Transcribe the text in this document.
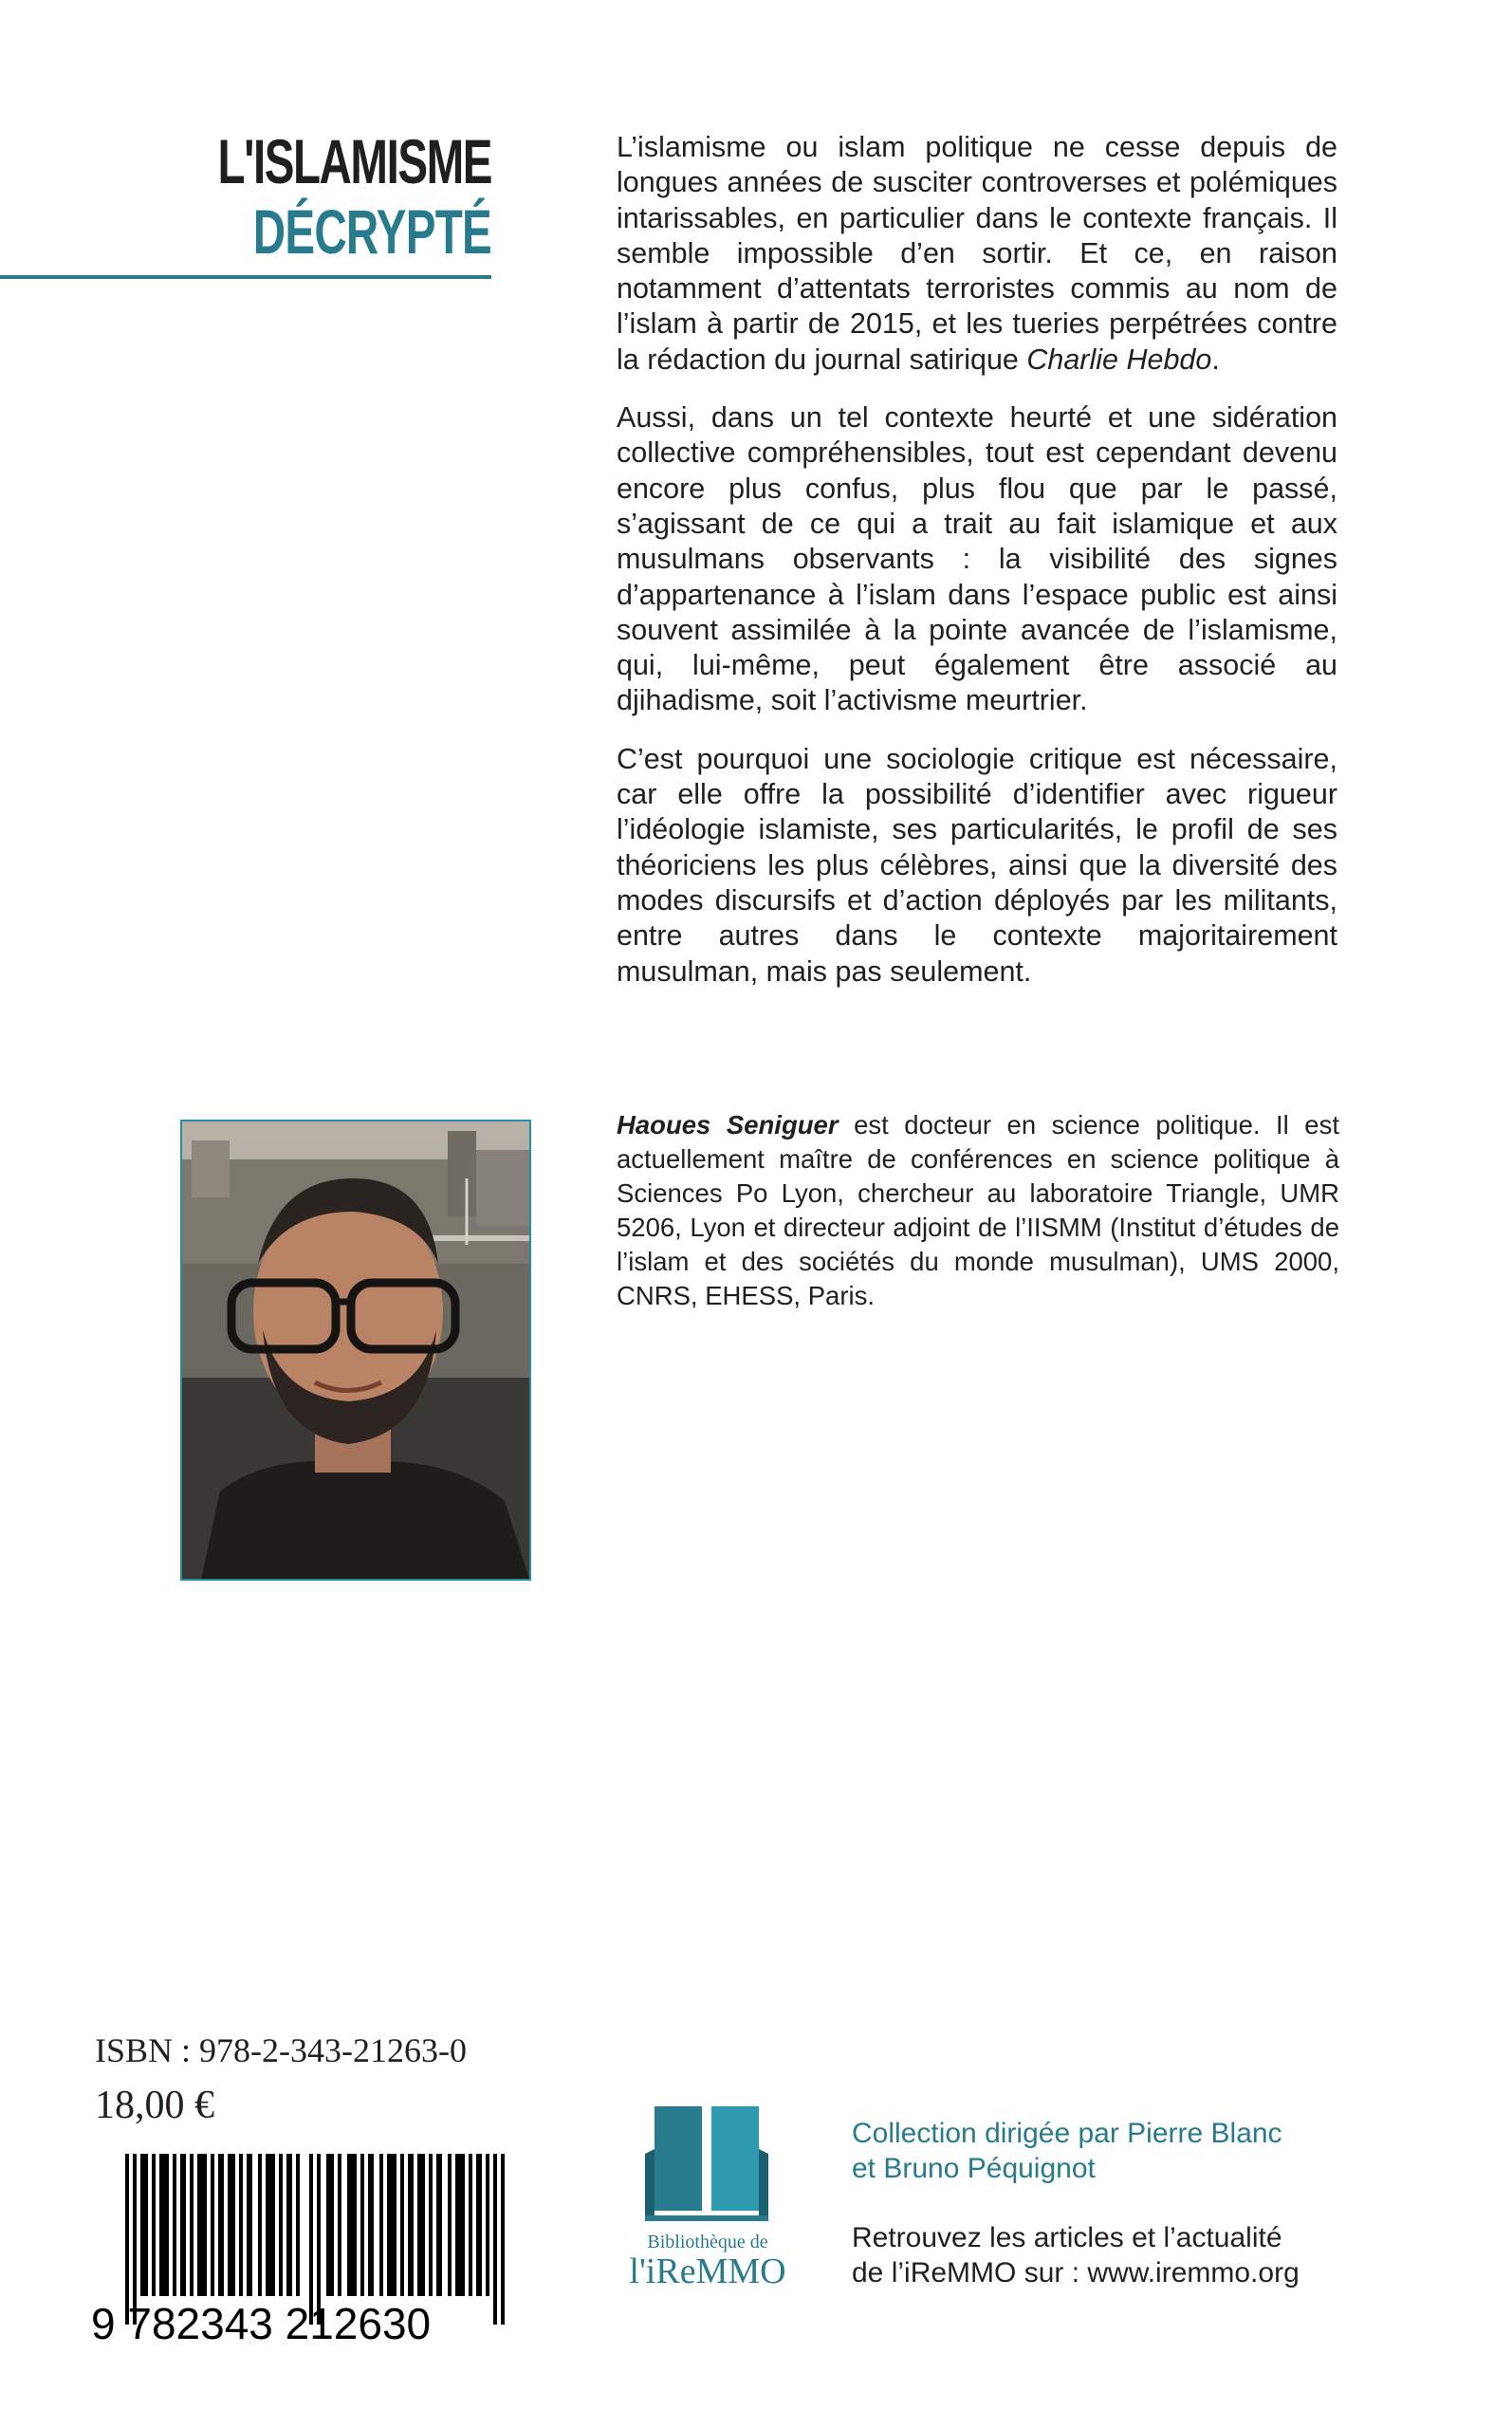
L'ISLAMISME
DÉCRYPTÉ

L’islamisme ou islam politique ne cesse depuis de longues années de susciter controverses et polémiques intarissables, en particulier dans le contexte français. Il semble impossible d’en sortir. Et ce, en raison notamment d’attentats terroristes commis au nom de l’islam à partir de 2015, et les tueries perpétrées contre la rédaction du journal satirique Charlie Hebdo.

Aussi, dans un tel contexte heurté et une sidération collective compréhensibles, tout est cependant devenu encore plus confus, plus flou que par le passé, s’agissant de ce qui a trait au fait islamique et aux musulmans observants : la visibilité des signes d’appartenance à l’islam dans l’espace public est ainsi souvent assimilée à la pointe avancée de l’islamisme, qui, lui-même, peut également être associé au djihadisme, soit l’activisme meurtrier.

C’est pourquoi une sociologie critique est nécessaire, car elle offre la possibilité d’identifier avec rigueur l’idéologie islamiste, ses particularités, le profil de ses théoriciens les plus célèbres, ainsi que la diversité des modes discursifs et d’action déployés par les militants, entre autres dans le contexte majoritairement musulman, mais pas seulement.

Haoues Seniguer est docteur en science politique. Il est actuellement maître de conférences en science politique à Sciences Po Lyon, chercheur au laboratoire Triangle, UMR 5206, Lyon et directeur adjoint de l’IISMM (Institut d’études de l’islam et des sociétés du monde musulman), UMS 2000, CNRS, EHESS, Paris.
ISBN : 978-2-343-21263-0
18,00 €
9 782343 212630
Bibliothèque de
l'iReMMO
Collection dirigée par Pierre Blanc
et Bruno Péquignot
Retrouvez les articles et l’actualité
de l’iReMMO sur : www.iremmo.org
